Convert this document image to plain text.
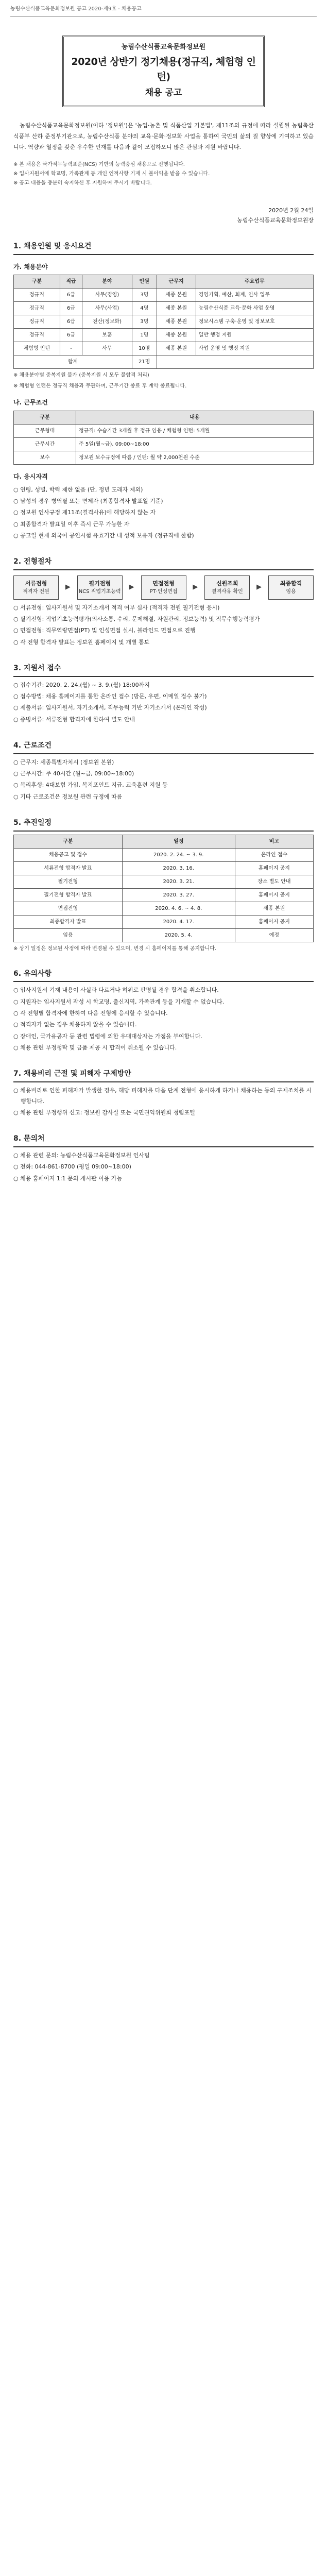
농림수산식품교육문화정보원 공고 2020-제9호 - 채용공고
농림수산식품교육문화정보원
2020년 상반기 정기채용(정규직, 체험형 인턴)
채용 공고
농림수산식품교육문화정보원(이하 '정보원')은 '농업·농촌 및 식품산업 기본법', 제11조의 규정에 따라 설립된 농림축산식품부 산하 준정부기관으로, 농림수산식품 분야의 교육·문화·정보화 사업을 통하여 국민의 삶의 질 향상에 기여하고 있습니다. 역량과 열정을 갖춘 우수한 인재를 다음과 같이 모집하오니 많은 관심과 지원 바랍니다.
※ 본 채용은 국가직무능력표준(NCS) 기반의 능력중심 채용으로 진행됩니다.
※ 입사지원서에 학교명, 가족관계 등 개인 인적사항 기재 시 불이익을 받을 수 있습니다.
※ 공고 내용을 충분히 숙지하신 후 지원하여 주시기 바랍니다.
2020년 2월 24일
농림수산식품교육문화정보원장
1. 채용인원 및 응시요건
가. 채용분야
구분	직급	분야	인원	근무지	주요업무
정규직	6급	사무(경영)	3명	세종 본원	경영기획, 예산, 회계, 인사 업무
정규직	6급	사무(사업)	4명	세종 본원	농림수산식품 교육·문화 사업 운영
정규직	6급	전산(정보화)	3명	세종 본원	정보시스템 구축·운영 및 정보보호
정규직	6급	보훈	1명	세종 본원	일반 행정 지원
체험형 인턴	-	사무	10명	세종 본원	사업 운영 및 행정 지원
합계			21명		
※ 채용분야별 중복지원 불가 (중복지원 시 모두 불합격 처리)
※ 체험형 인턴은 정규직 채용과 무관하며, 근무기간 종료 후 계약 종료됩니다.
나. 근무조건
구분	내용
근무형태	정규직: 수습기간 3개월 후 정규 임용 / 체험형 인턴: 5개월
근무시간	주 5일(월~금), 09:00~18:00
보수	정보원 보수규정에 따름 / 인턴: 월 약 2,000천원 수준
다. 응시자격
○ 연령, 성별, 학력 제한 없음 (단, 정년 도래자 제외)
○ 남성의 경우 병역필 또는 면제자 (최종합격자 발표일 기준)
○ 정보원 인사규정 제11조(결격사유)에 해당하지 않는 자
○ 최종합격자 발표일 이후 즉시 근무 가능한 자
○ 공고일 현재 외국어 공인시험 유효기간 내 성적 보유자 (정규직에 한함)
2. 전형절차
서류전형
적격자 전원
▶	필기전형
NCS 직업기초능력
▶	면접전형
PT·인성면접
▶	신원조회
결격사유 확인
▶	최종합격
임용
○ 서류전형: 입사지원서 및 자기소개서 적격 여부 심사 (적격자 전원 필기전형 응시)
○ 필기전형: 직업기초능력평가(의사소통, 수리, 문제해결, 자원관리, 정보능력) 및 직무수행능력평가
○ 면접전형: 직무역량면접(PT) 및 인성면접 실시, 블라인드 면접으로 진행
○ 각 전형 합격자 발표는 정보원 홈페이지 및 개별 통보
3. 지원서 접수
○ 접수기간: 2020. 2. 24.(월) ~ 3. 9.(월) 18:00까지
○ 접수방법: 채용 홈페이지를 통한 온라인 접수 (방문, 우편, 이메일 접수 불가)
○ 제출서류: 입사지원서, 자기소개서, 직무능력 기반 자기소개서 (온라인 작성)
○ 증빙서류: 서류전형 합격자에 한하여 별도 안내
4. 근로조건
○ 근무지: 세종특별자치시 (정보원 본원)
○ 근무시간: 주 40시간 (월~금, 09:00~18:00)
○ 복리후생: 4대보험 가입, 복지포인트 지급, 교육훈련 지원 등
○ 기타 근로조건은 정보원 관련 규정에 따름
5. 추진일정
구분	일정	비고
채용공고 및 접수	2020. 2. 24. ~ 3. 9.	온라인 접수
서류전형 합격자 발표	2020. 3. 16.	홈페이지 공지
필기전형	2020. 3. 21.	장소 별도 안내
필기전형 합격자 발표	2020. 3. 27.	홈페이지 공지
면접전형	2020. 4. 6. ~ 4. 8.	세종 본원
최종합격자 발표	2020. 4. 17.	홈페이지 공지
임용	2020. 5. 4.	예정
※ 상기 일정은 정보원 사정에 따라 변경될 수 있으며, 변경 시 홈페이지를 통해 공지합니다.
6. 유의사항
○ 입사지원서 기재 내용이 사실과 다르거나 허위로 판명될 경우 합격을 취소합니다.
○ 지원자는 입사지원서 작성 시 학교명, 출신지역, 가족관계 등을 기재할 수 없습니다.
○ 각 전형별 합격자에 한하여 다음 전형에 응시할 수 있습니다.
○ 적격자가 없는 경우 채용하지 않을 수 있습니다.
○ 장애인, 국가유공자 등 관련 법령에 의한 우대대상자는 가점을 부여합니다.
○ 채용 관련 부정청탁 및 금품 제공 시 합격이 취소될 수 있습니다.
7. 채용비리 근절 및 피해자 구제방안
○ 채용비리로 인한 피해자가 발생한 경우, 해당 피해자를 다음 단계 전형에 응시하게 하거나 채용하는 등의 구제조치를 시행합니다.
○ 채용 관련 부정행위 신고: 정보원 감사실 또는 국민권익위원회 청렴포털
8. 문의처
○ 채용 관련 문의: 농림수산식품교육문화정보원 인사팀
○ 전화: 044-861-8700 (평일 09:00~18:00)
○ 채용 홈페이지 1:1 문의 게시판 이용 가능
